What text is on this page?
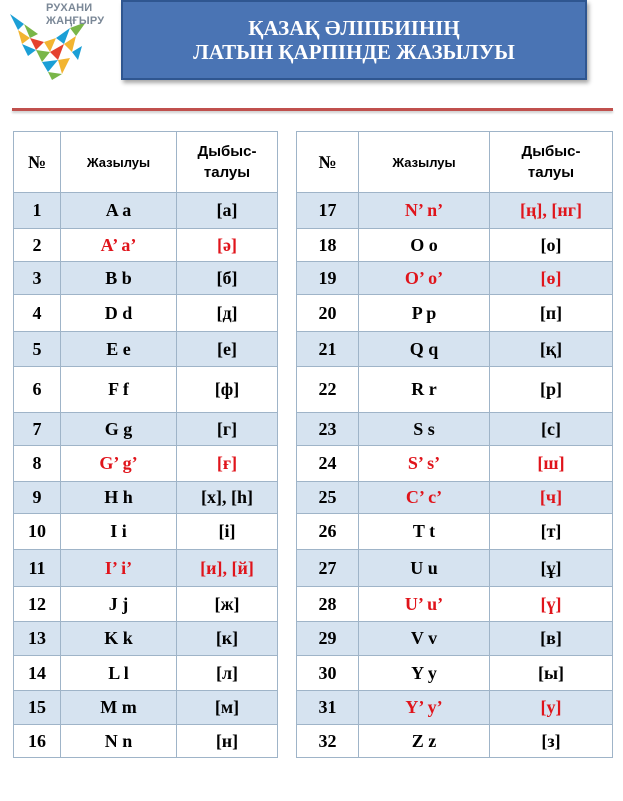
РУХАНИ
ЖАҢҒЫРУ	ҚАЗАҚ ӘЛІПБИІНІҢ
ЛАТЫН ҚАРПІНДЕ ЖАЗЫЛУЫ
№	Жазылуы	Дыбыс-
талуы
1	A a	[а]
2	A’ a’	[ә]
3	B b	[б]
4	D d	[д]
5	E e	[е]
6	F f	[ф]
7	G g	[г]
8	G’ g’	[ғ]
9	H h	[х], [һ]
10	I i	[і]
11	I’ i’	[и], [й]
12	J j	[ж]
13	K k	[к]
14	L l	[л]
15	M m	[м]
16	N n	[н]
№	Жазылуы	Дыбыс-
талуы
17	N’ n’	[ң], [нг]
18	O o	[о]
19	O’ o’	[ө]
20	P p	[п]
21	Q q	[қ]
22	R r	[р]
23	S s	[с]
24	S’ s’	[ш]
25	C’ c’	[ч]
26	T t	[т]
27	U u	[ұ]
28	U’ u’	[ү]
29	V v	[в]
30	Y y	[ы]
31	Y’ y’	[у]
32	Z z	[з]
